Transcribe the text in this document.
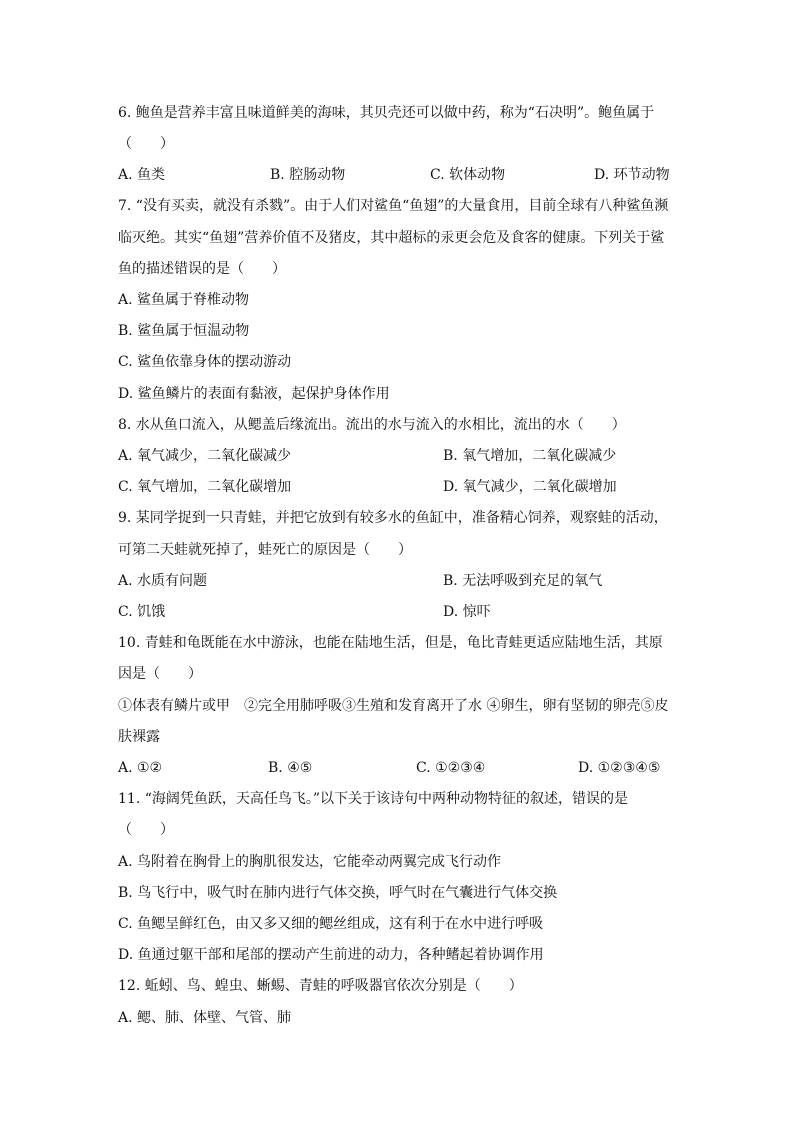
6. 鲍鱼是营养丰富且味道鲜美的海味，其贝壳还可以做中药，称为“石决明”。鲍鱼属于
（　　）
A. 鱼类	B. 腔肠动物	C. 软体动物	D. 环节动物
7. “没有买卖，就没有杀戮”。由于人们对鲨鱼“鱼翅”的大量食用，目前全球有八种鲨鱼濒
临灭绝。其实“鱼翅”营养价值不及猪皮，其中超标的汞更会危及食客的健康。下列关于鲨
鱼的描述错误的是（　　）
A. 鲨鱼属于脊椎动物
B. 鲨鱼属于恒温动物
C. 鲨鱼依靠身体的摆动游动
D. 鲨鱼鳞片的表面有黏液，起保护身体作用
8. 水从鱼口流入，从鳃盖后缘流出。流出的水与流入的水相比，流出的水（　　）
A. 氧气减少，二氧化碳减少	B. 氧气增加，二氧化碳减少
C. 氧气增加，二氧化碳增加	D. 氧气减少，二氧化碳增加
9. 某同学捉到一只青蛙，并把它放到有较多水的鱼缸中，准备精心饲养，观察蛙的活动，
可第二天蛙就死掉了，蛙死亡的原因是（　　）
A. 水质有问题	B. 无法呼吸到充足的氧气
C. 饥饿	D. 惊吓
10. 青蛙和龟既能在水中游泳，也能在陆地生活，但是，龟比青蛙更适应陆地生活，其原
因是（　　）
①体表有鳞片或甲　②完全用肺呼吸③生殖和发育离开了水 ④卵生，卵有坚韧的卵壳⑤皮
肤裸露
A. ①②	B. ④⑤	C. ①②③④	D. ①②③④⑤
11. “海阔凭鱼跃，天高任鸟飞。”以下关于该诗句中两种动物特征的叙述，错误的是
（　　）
A. 鸟附着在胸骨上的胸肌很发达，它能牵动两翼完成飞行动作
B. 鸟飞行中，吸气时在肺内进行气体交换，呼气时在气囊进行气体交换
C. 鱼鳃呈鲜红色，由又多又细的鳃丝组成，这有利于在水中进行呼吸
D. 鱼通过躯干部和尾部的摆动产生前进的动力，各种鳍起着协调作用
12. 蚯蚓、鸟、蝗虫、蜥蜴、青蛙的呼吸器官依次分别是（　　）
A. 鳃、肺、体壁、气管、肺
